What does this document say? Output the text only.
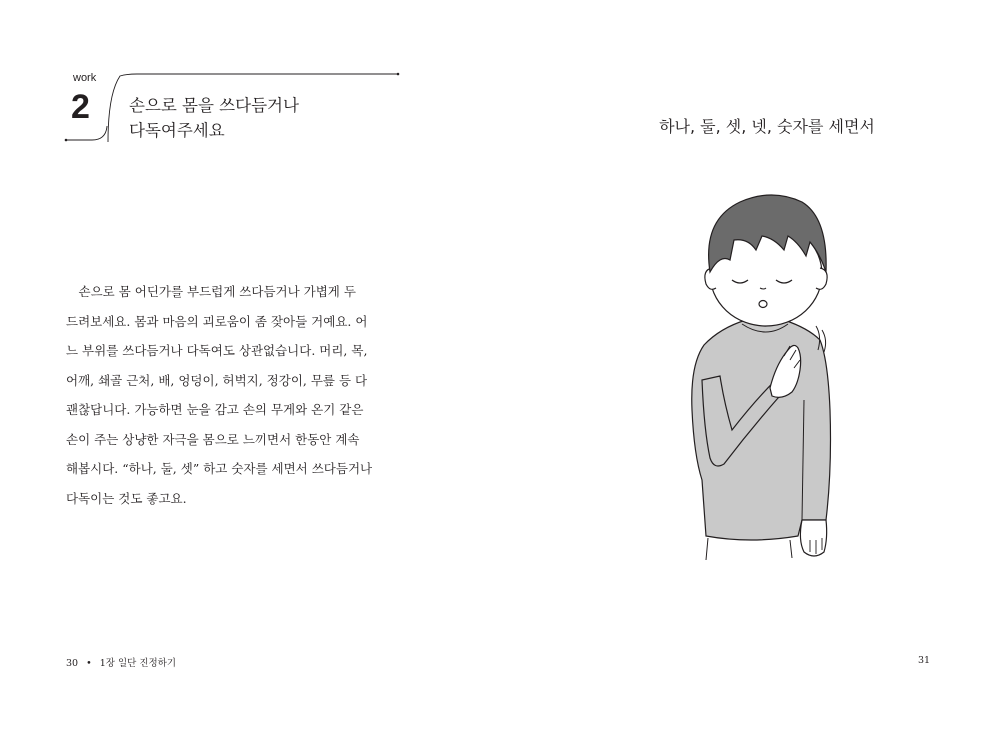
work
2 손으로 몸을 쓰다듬거나
다독여주세요
　손으로 몸 어딘가를 부드럽게 쓰다듬거나 가볍게 두
드려보세요. 몸과 마음의 괴로움이 좀 잦아들 거예요. 어
느 부위를 쓰다듬거나 다독여도 상관없습니다. 머리, 목,
어깨, 쇄골 근처, 배, 엉덩이, 허벅지, 정강이, 무릎 등 다
괜찮답니다. 가능하면 눈을 감고 손의 무게와 온기 같은
손이 주는 상냥한 자극을 몸으로 느끼면서 한동안 계속
해봅시다. “하나, 둘, 셋” 하고 숫자를 세면서 쓰다듬거나
다독이는 것도 좋고요.
하나, 둘, 셋, 넷, 숫자를 세면서
30 • 1장 일단 진정하기	31
